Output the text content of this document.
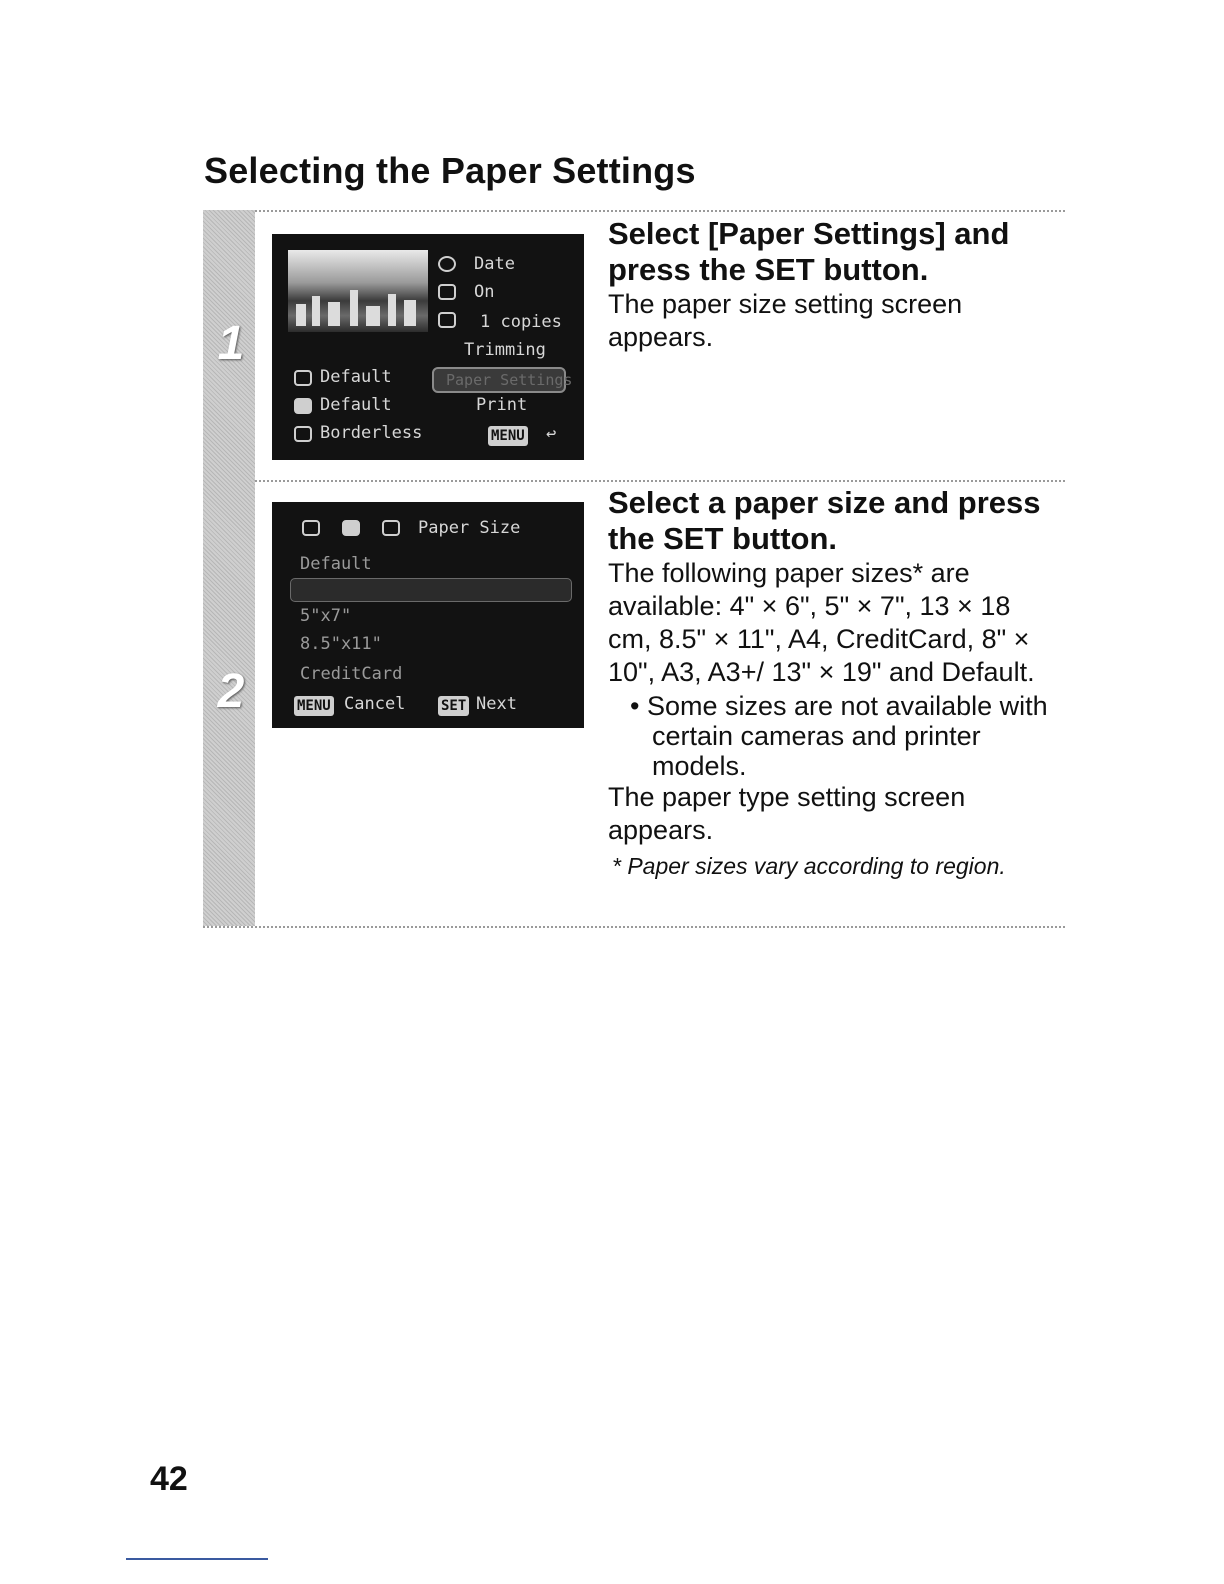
Selecting the Paper Settings
1
2
Date
On
1 copies
Trimming
Default	Paper Settings
Default	Print
Borderless	MENU ↩

Select [Paper Settings] and press the SET button.

The paper size setting screen appears.

Paper Size
Default
5"x7"
8.5"x11"
CreditCard
MENU Cancel	SET Next

Select a paper size and press the SET button.

The following paper sizes* are available: 4" × 6", 5" × 7", 13 × 18 cm, 8.5" × 11", A4, CreditCard, 8" × 10", A3, A3+/ 13" × 19" and Default.

• Some sizes are not available with certain cameras and printer models.

The paper type setting screen appears.

* Paper sizes vary according to region.

42
